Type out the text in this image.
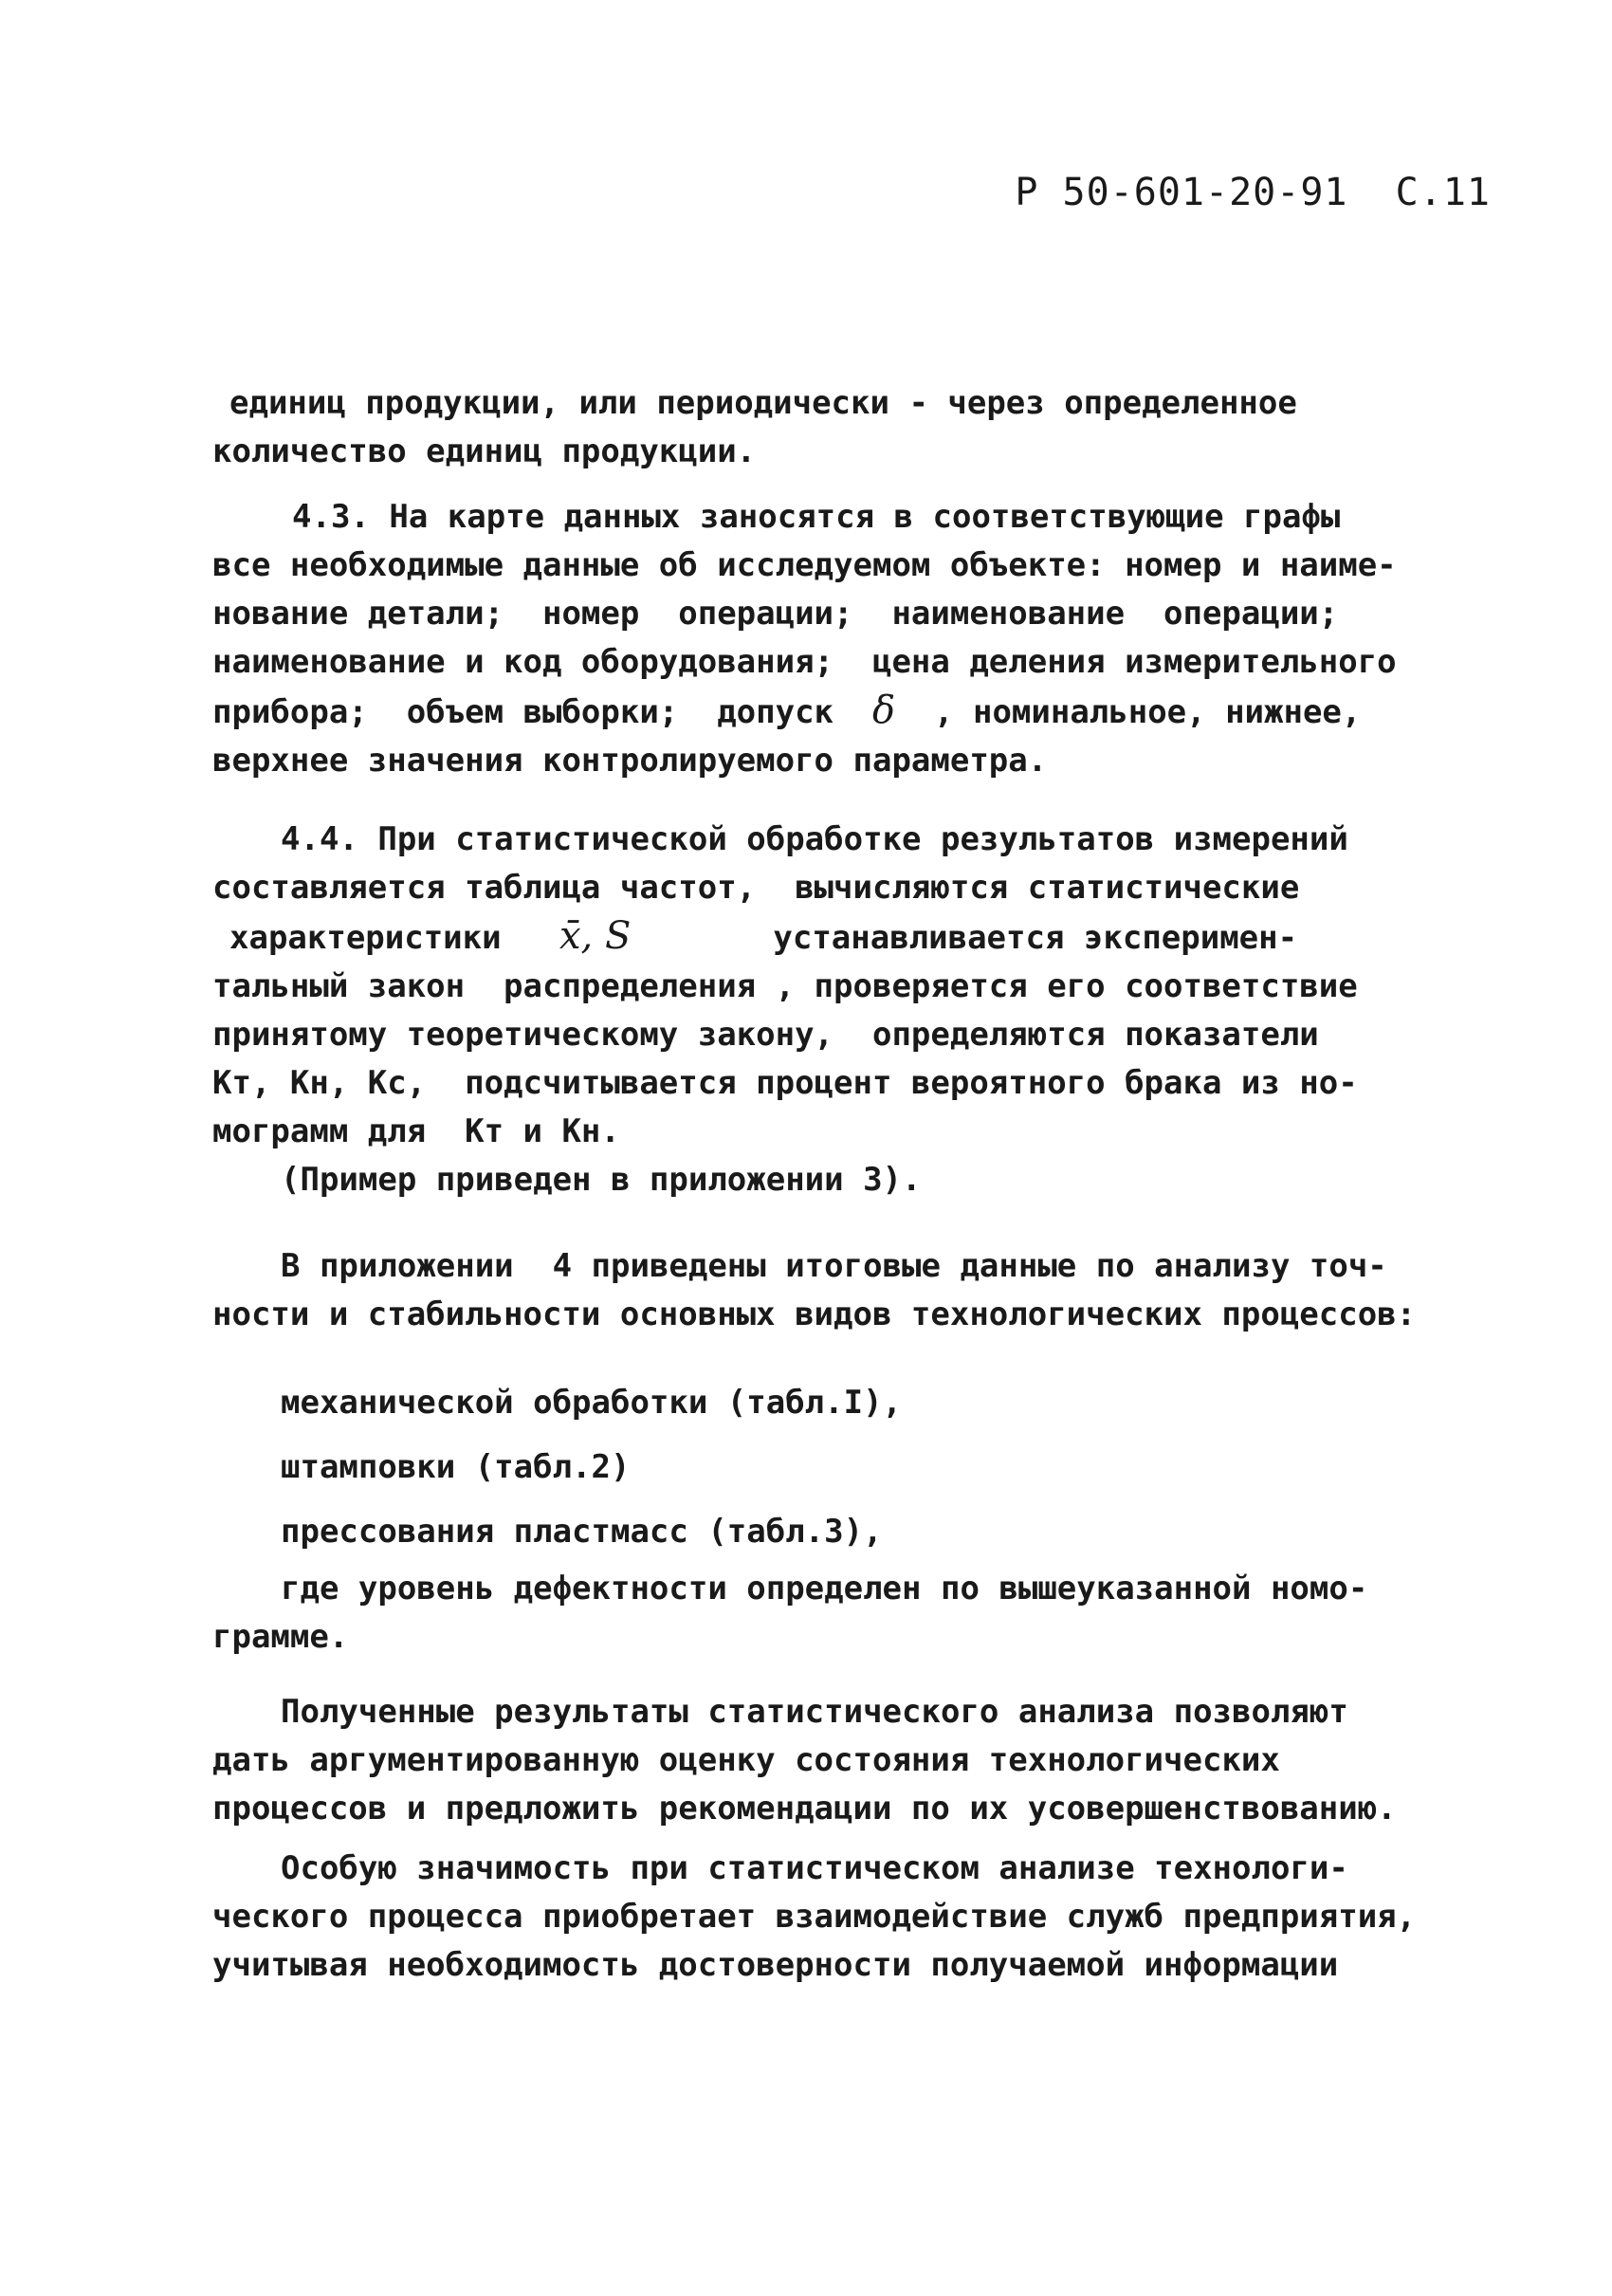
Р 50-601-20-91 С.11
единиц продукции, или периодически - через определенное
количество единиц продукции.
4.3. На карте данных заносятся в соответствующие графы
все необходимые данные об исследуемом объекте: номер и наиме-
нование детали;  номер  операции;  наименование  операции;
наименование и код оборудования;  цена деления измерительного
прибора;  объем выборки;  допуск δ , номинальное, нижнее,
верхнее значения контролируемого параметра.
4.4. При статистической обработке результатов измерений
составляется таблица частот,  вычисляются статистические
характеристики x̄, S	устанавливается эксперимен-
тальный закон  распределения , проверяется его соответствие
принятому теоретическому закону,  определяются показатели
Кт, Кн, Кс,  подсчитывается процент вероятного брака из но-
мограмм для  Кт и Кн.
(Пример приведен в приложении 3).
В приложении  4 приведены итоговые данные по анализу точ-
ности и стабильности основных видов технологических процессов:
механической обработки (табл.I),
штамповки (табл.2)
прессования пластмасс (табл.3),
где уровень дефектности определен по вышеуказанной номо-
грамме.
Полученные результаты статистического анализа позволяют
дать аргументированную оценку состояния технологических
процессов и предложить рекомендации по их усовершенствованию.
Особую значимость при статистическом анализе технологи-
ческого процесса приобретает взаимодействие служб предприятия,
учитывая необходимость достоверности получаемой информации
